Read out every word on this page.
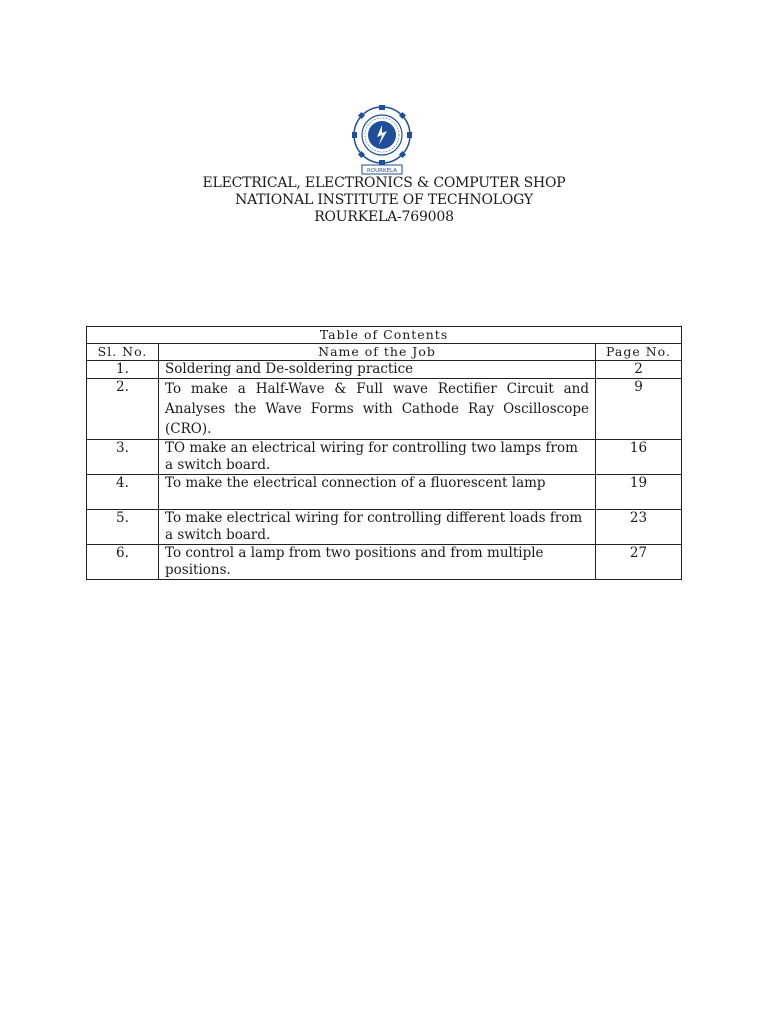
ROURKELA
ELECTRICAL, ELECTRONICS & COMPUTER SHOP
NATIONAL INSTITUTE OF TECHNOLOGY
ROURKELA-769008
Table of Contents		
Sl. No.	Name of the Job	Page No.
1.	Soldering and De-soldering practice	2
2.	To make a Half-Wave & Full wave Rectifier Circuit and Analyses the Wave Forms with Cathode Ray Oscilloscope (CRO).	9
3.	TO make an electrical wiring for controlling two lamps from a switch board.	16
4.	To make the electrical connection of a fluorescent lamp	19
5.	To make electrical wiring for controlling different loads from a switch board.	23
6.	To control a lamp from two positions and from multiple positions.	27
